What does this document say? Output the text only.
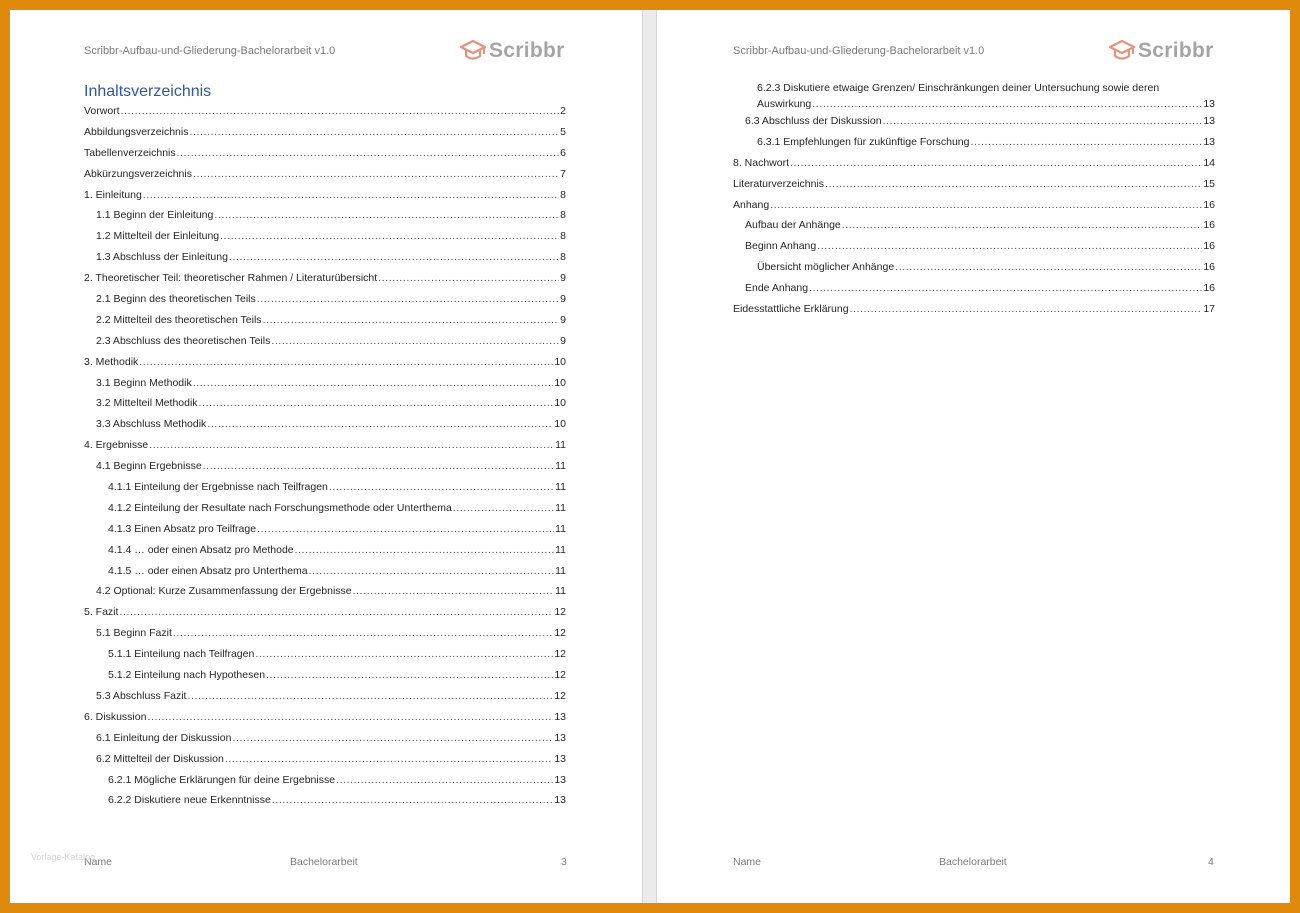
Scribbr-Aufbau-und-Gliederung-Bachelorarbeit v1.0	Scribbr
Inhaltsverzeichnis
Vorwort .....	2
Abbildungsverzeichnis .....	5
Tabellenverzeichnis .....	6
Abkürzungsverzeichnis .....	7
1. Einleitung .....	8
1.1 Beginn der Einleitung .....	8
1.2 Mittelteil der Einleitung .....	8
1.3 Abschluss der Einleitung .....	8
2. Theoretischer Teil: theoretischer Rahmen / Literaturübersicht .....	9
2.1 Beginn des theoretischen Teils .....	9
2.2 Mittelteil des theoretischen Teils .....	9
2.3 Abschluss des theoretischen Teils .....	9
3. Methodik .....	10
3.1 Beginn Methodik .....	10
3.2 Mittelteil Methodik .....	10
3.3 Abschluss Methodik .....	10
4. Ergebnisse .....	11
4.1 Beginn Ergebnisse .....	11
4.1.1 Einteilung der Ergebnisse nach Teilfragen .....	11
4.1.2 Einteilung der Resultate nach Forschungsmethode oder Unterthema .....	11
4.1.3 Einen Absatz pro Teilfrage .....	11
4.1.4 … oder einen Absatz pro Methode .....	11
4.1.5 … oder einen Absatz pro Unterthema .....	11
4.2 Optional: Kurze Zusammenfassung der Ergebnisse .....	11
5. Fazit .....	12
5.1 Beginn Fazit .....	12
5.1.1 Einteilung nach Teilfragen .....	12
5.1.2 Einteilung nach Hypothesen .....	12
5.3 Abschluss Fazit .....	12
6. Diskussion .....	13
6.1 Einleitung der Diskussion .....	13
6.2 Mittelteil der Diskussion .....	13
6.2.1 Mögliche Erklärungen für deine Ergebnisse .....	13
6.2.2 Diskutiere neue Erkenntnisse .....	13
Name	Bachelorarbeit	3
Scribbr-Aufbau-und-Gliederung-Bachelorarbeit v1.0	Scribbr
6.2.3 Diskutiere etwaige Grenzen/ Einschränkungen deiner Untersuchung sowie deren
Auswirkung .....	13
6.3 Abschluss der Diskussion .....	13
6.3.1 Empfehlungen für zukünftige Forschung .....	13
8. Nachwort .....	14
Literaturverzeichnis .....	15
Anhang .....	16
Aufbau der Anhänge .....	16
Beginn Anhang .....	16
Übersicht möglicher Anhänge .....	16
Ende Anhang .....	16
Eidesstattliche Erklärung .....	17
Name	Bachelorarbeit	4
Vorlage-Katalog
